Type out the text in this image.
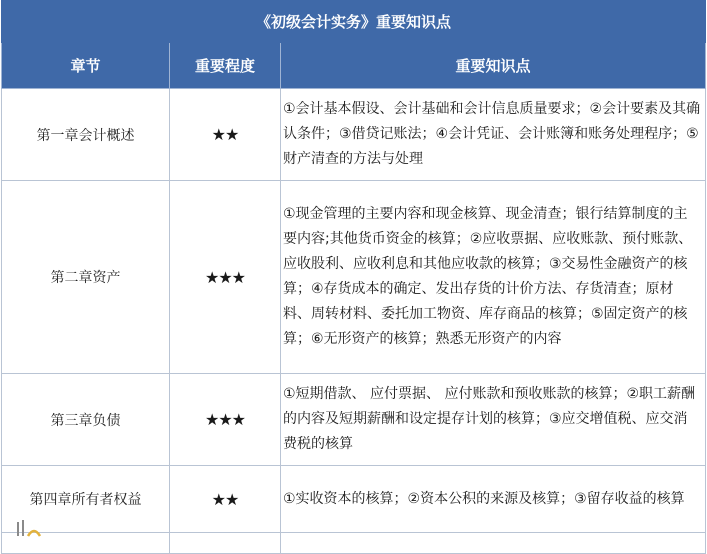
《初级会计实务》重要知识点		
章节	重要程度	重要知识点
第一章会计概述	★★	①会计基本假设、会计基础和会计信息质量要求；②会计要素及其确认条件；③借贷记账法；④会计凭证、会计账簿和账务处理程序；⑤财产清查的方法与处理
第二章资产	★★★	①现金管理的主要内容和现金核算、现金清查；银行结算制度的主要内容;其他货币资金的核算；②应收票据、应收账款、预付账款、应收股利、应收利息和其他应收款的核算；③交易性金融资产的核算；④存货成本的确定、发出存货的计价方法、存货清查；原材料、周转材料、委托加工物资、库存商品的核算；⑤固定资产的核算；⑥无形资产的核算；熟悉无形资产的内容
第三章负债	★★★	①短期借款、 应付票据、 应付账款和预收账款的核算；②职工薪酬的内容及短期薪酬和设定提存计划的核算；③应交增值税、应交消费税的核算
第四章所有者权益	★★	①实收资本的核算；②资本公积的来源及核算；③留存收益的核算
